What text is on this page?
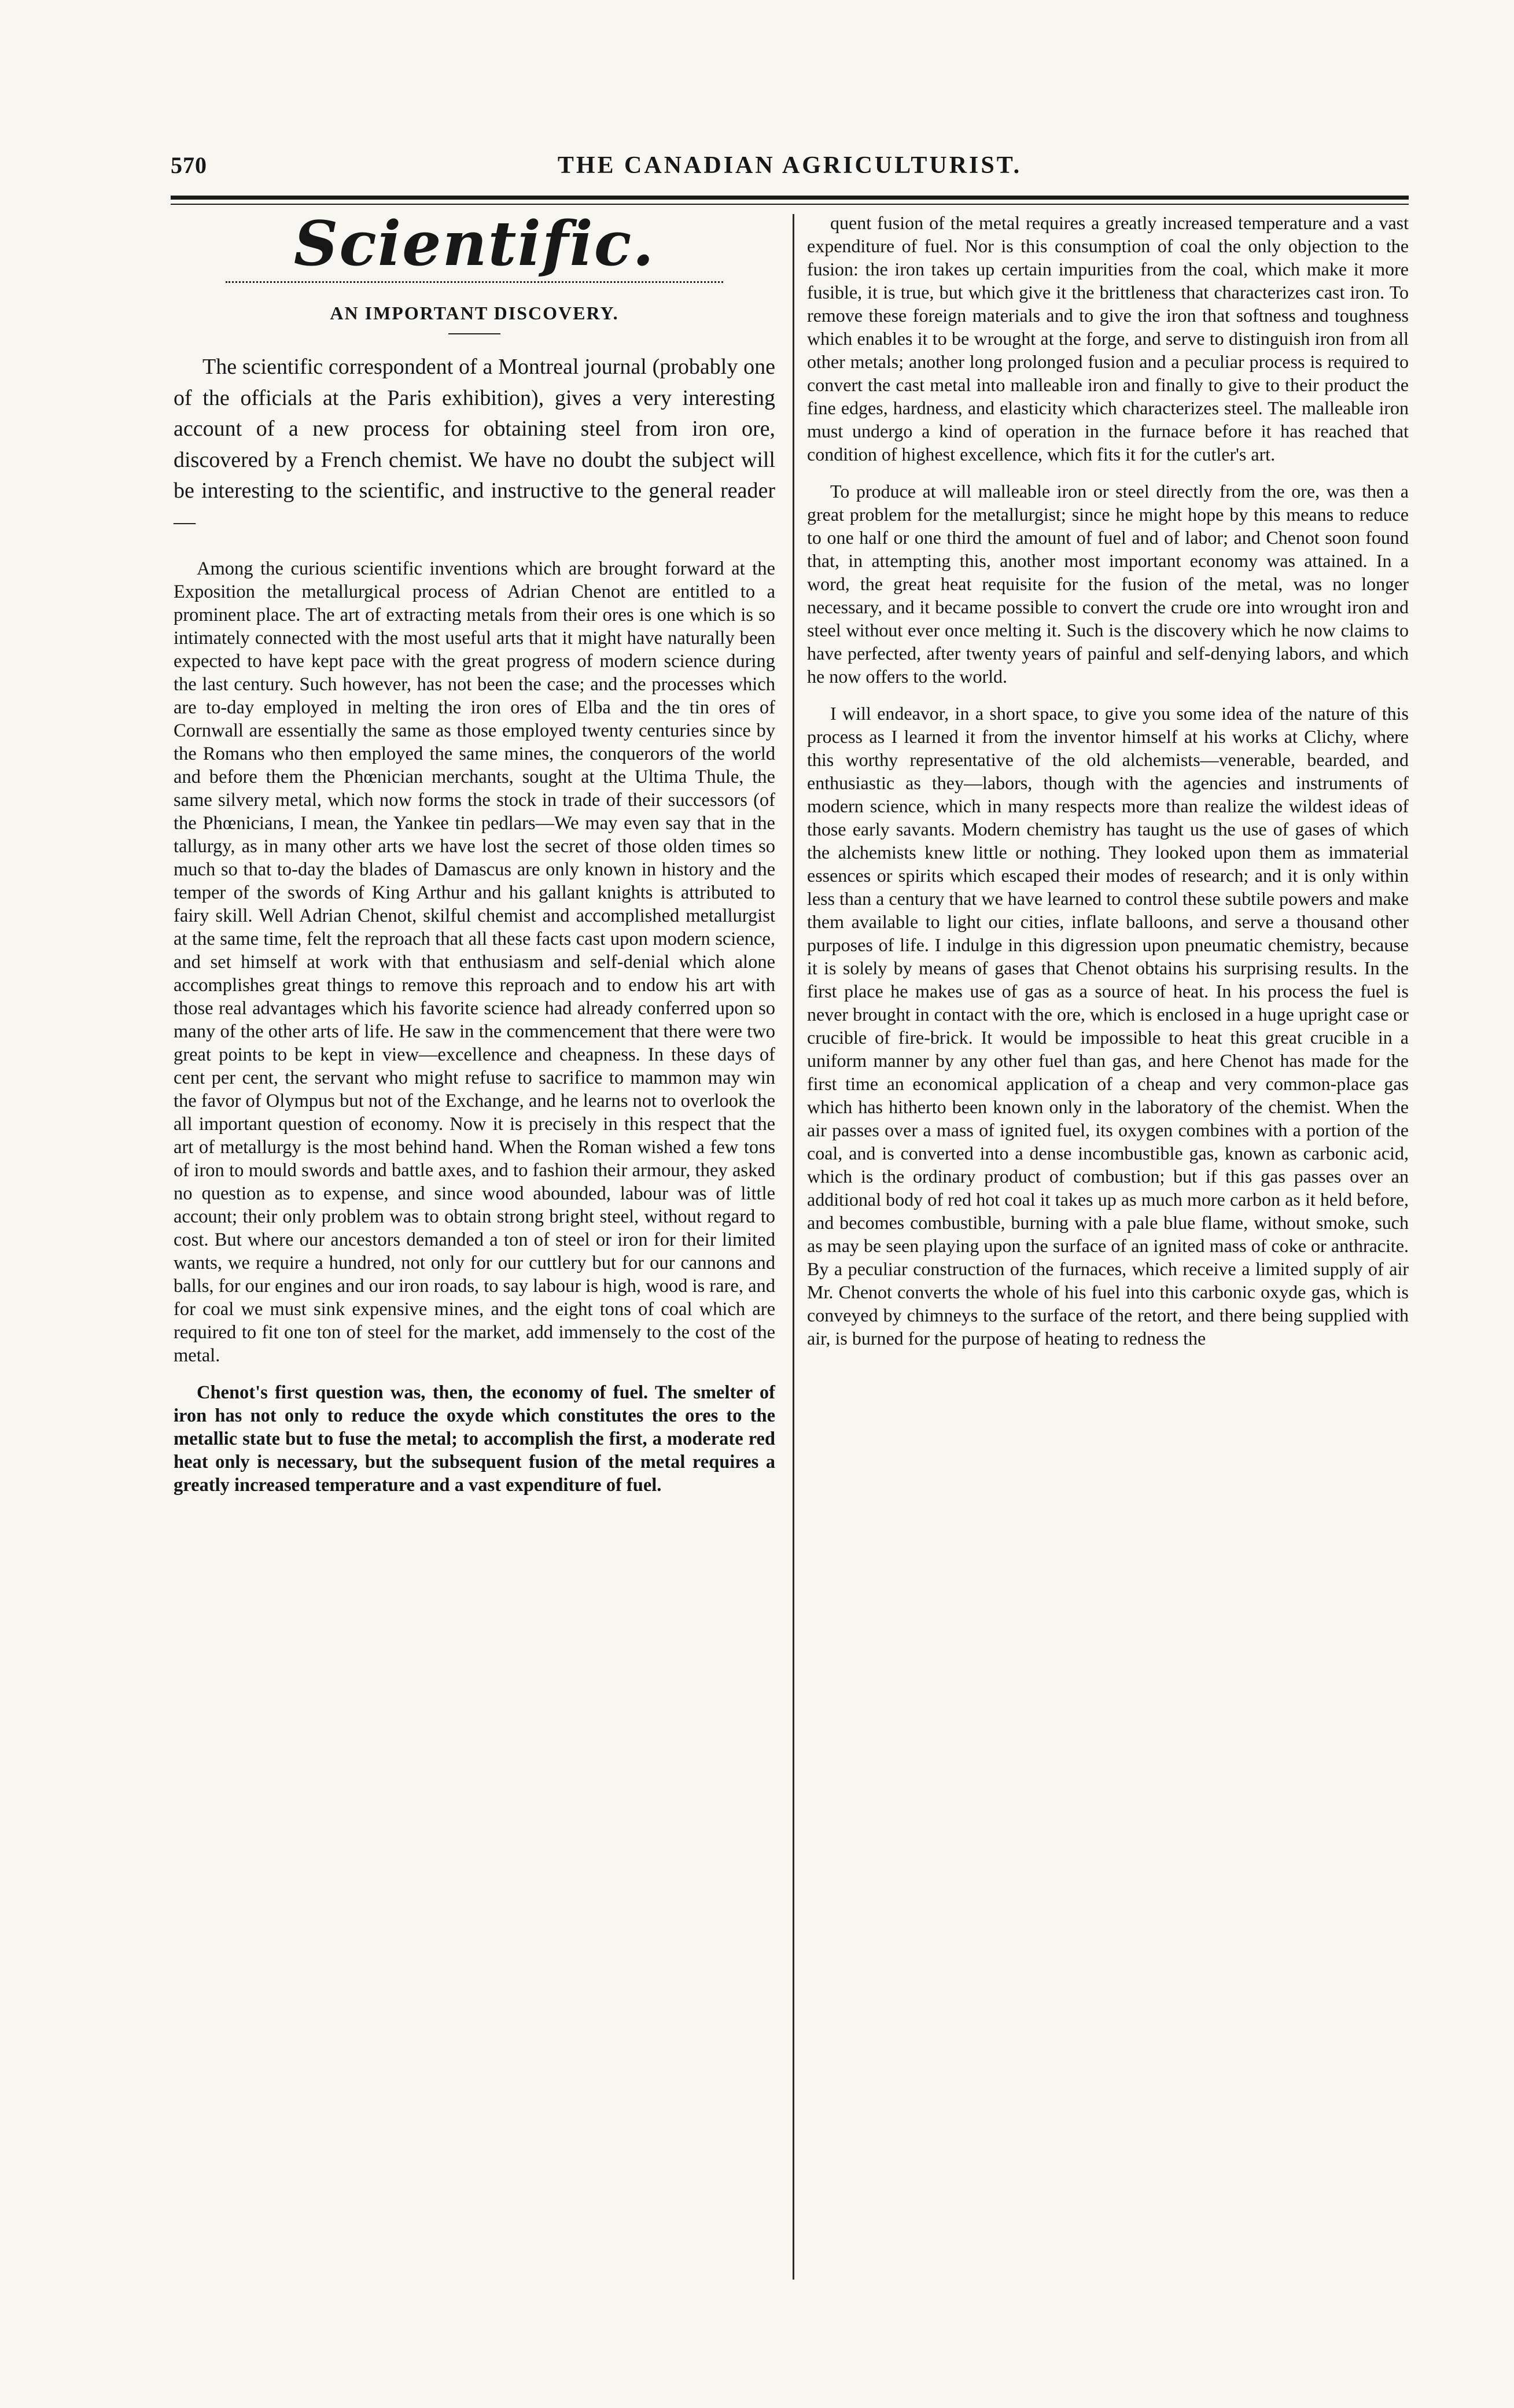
570	THE CANADIAN AGRICULTURIST.
Scientific.
AN IMPORTANT DISCOVERY.

The scientific correspondent of a Montreal journal (probably one of the officials at the Paris exhibition), gives a very interesting account of a new process for obtaining steel from iron ore, discovered by a French chemist. We have no doubt the subject will be interesting to the scientific, and instructive to the general reader —

Among the curious scientific inventions which are brought forward at the Exposition the metallurgical process of Adrian Chenot are entitled to a prominent place. The art of extracting metals from their ores is one which is so intimately connected with the most useful arts that it might have naturally been expected to have kept pace with the great progress of modern science during the last century. Such however, has not been the case; and the processes which are to-day employed in melting the iron ores of Elba and the tin ores of Cornwall are essentially the same as those employed twenty centuries since by the Romans who then employed the same mines, the conquerors of the world and before them the Phœnician merchants, sought at the Ultima Thule, the same silvery metal, which now forms the stock in trade of their successors (of the Phœnicians, I mean, the Yankee tin pedlars—We may even say that in the tallurgy, as in many other arts we have lost the secret of those olden times so much so that to-day the blades of Damascus are only known in history and the temper of the swords of King Arthur and his gallant knights is attributed to fairy skill. Well Adrian Chenot, skilful chemist and accomplished metallurgist at the same time, felt the reproach that all these facts cast upon modern science, and set himself at work with that enthusiasm and self-denial which alone accomplishes great things to remove this reproach and to endow his art with those real advantages which his favorite science had already conferred upon so many of the other arts of life. He saw in the commencement that there were two great points to be kept in view—excellence and cheapness. In these days of cent per cent, the servant who might refuse to sacrifice to mammon may win the favor of Olympus but not of the Exchange, and he learns not to overlook the all important question of economy. Now it is precisely in this respect that the art of metallurgy is the most behind hand. When the Roman wished a few tons of iron to mould swords and battle axes, and to fashion their armour, they asked no question as to expense, and since wood abounded, labour was of little account; their only problem was to obtain strong bright steel, without regard to cost. But where our ancestors demanded a ton of steel or iron for their limited wants, we require a hundred, not only for our cuttlery but for our cannons and balls, for our engines and our iron roads, to say labour is high, wood is rare, and for coal we must sink expensive mines, and the eight tons of coal which are required to fit one ton of steel for the market, add immensely to the cost of the metal.

Chenot's first question was, then, the economy of fuel. The smelter of iron has not only to reduce the oxyde which constitutes the ores to the metallic state but to fuse the metal; to accomplish the first, a moderate red heat only is necessary, but the subsequent fusion of the metal requires a greatly increased temperature and a vast expenditure of fuel.

quent fusion of the metal requires a greatly increased temperature and a vast expenditure of fuel. Nor is this consumption of coal the only objection to the fusion: the iron takes up certain impurities from the coal, which make it more fusible, it is true, but which give it the brittleness that characterizes cast iron. To remove these foreign materials and to give the iron that softness and toughness which enables it to be wrought at the forge, and serve to distinguish iron from all other metals; another long prolonged fusion and a peculiar process is required to convert the cast metal into malleable iron and finally to give to their product the fine edges, hardness, and elasticity which characterizes steel. The malleable iron must undergo a kind of operation in the furnace before it has reached that condition of highest excellence, which fits it for the cutler's art.

To produce at will malleable iron or steel directly from the ore, was then a great problem for the metallurgist; since he might hope by this means to reduce to one half or one third the amount of fuel and of labor; and Chenot soon found that, in attempting this, another most important economy was attained. In a word, the great heat requisite for the fusion of the metal, was no longer necessary, and it became possible to convert the crude ore into wrought iron and steel without ever once melting it. Such is the discovery which he now claims to have perfected, after twenty years of painful and self-denying labors, and which he now offers to the world.

I will endeavor, in a short space, to give you some idea of the nature of this process as I learned it from the inventor himself at his works at Clichy, where this worthy representative of the old alchemists—venerable, bearded, and enthusiastic as they—labors, though with the agencies and instruments of modern science, which in many respects more than realize the wildest ideas of those early savants. Modern chemistry has taught us the use of gases of which the alchemists knew little or nothing. They looked upon them as immaterial essences or spirits which escaped their modes of research; and it is only within less than a century that we have learned to control these subtile powers and make them available to light our cities, inflate balloons, and serve a thousand other purposes of life. I indulge in this digression upon pneumatic chemistry, because it is solely by means of gases that Chenot obtains his surprising results. In the first place he makes use of gas as a source of heat. In his process the fuel is never brought in contact with the ore, which is enclosed in a huge upright case or crucible of fire-brick. It would be impossible to heat this great crucible in a uniform manner by any other fuel than gas, and here Chenot has made for the first time an economical application of a cheap and very common-place gas which has hitherto been known only in the laboratory of the chemist. When the air passes over a mass of ignited fuel, its oxygen combines with a portion of the coal, and is converted into a dense incombustible gas, known as carbonic acid, which is the ordinary product of combustion; but if this gas passes over an additional body of red hot coal it takes up as much more carbon as it held before, and becomes combustible, burning with a pale blue flame, without smoke, such as may be seen playing upon the surface of an ignited mass of coke or anthracite. By a peculiar construction of the furnaces, which receive a limited supply of air Mr. Chenot converts the whole of his fuel into this carbonic oxyde gas, which is conveyed by chimneys to the surface of the retort, and there being supplied with air, is burned for the purpose of heating to redness the
